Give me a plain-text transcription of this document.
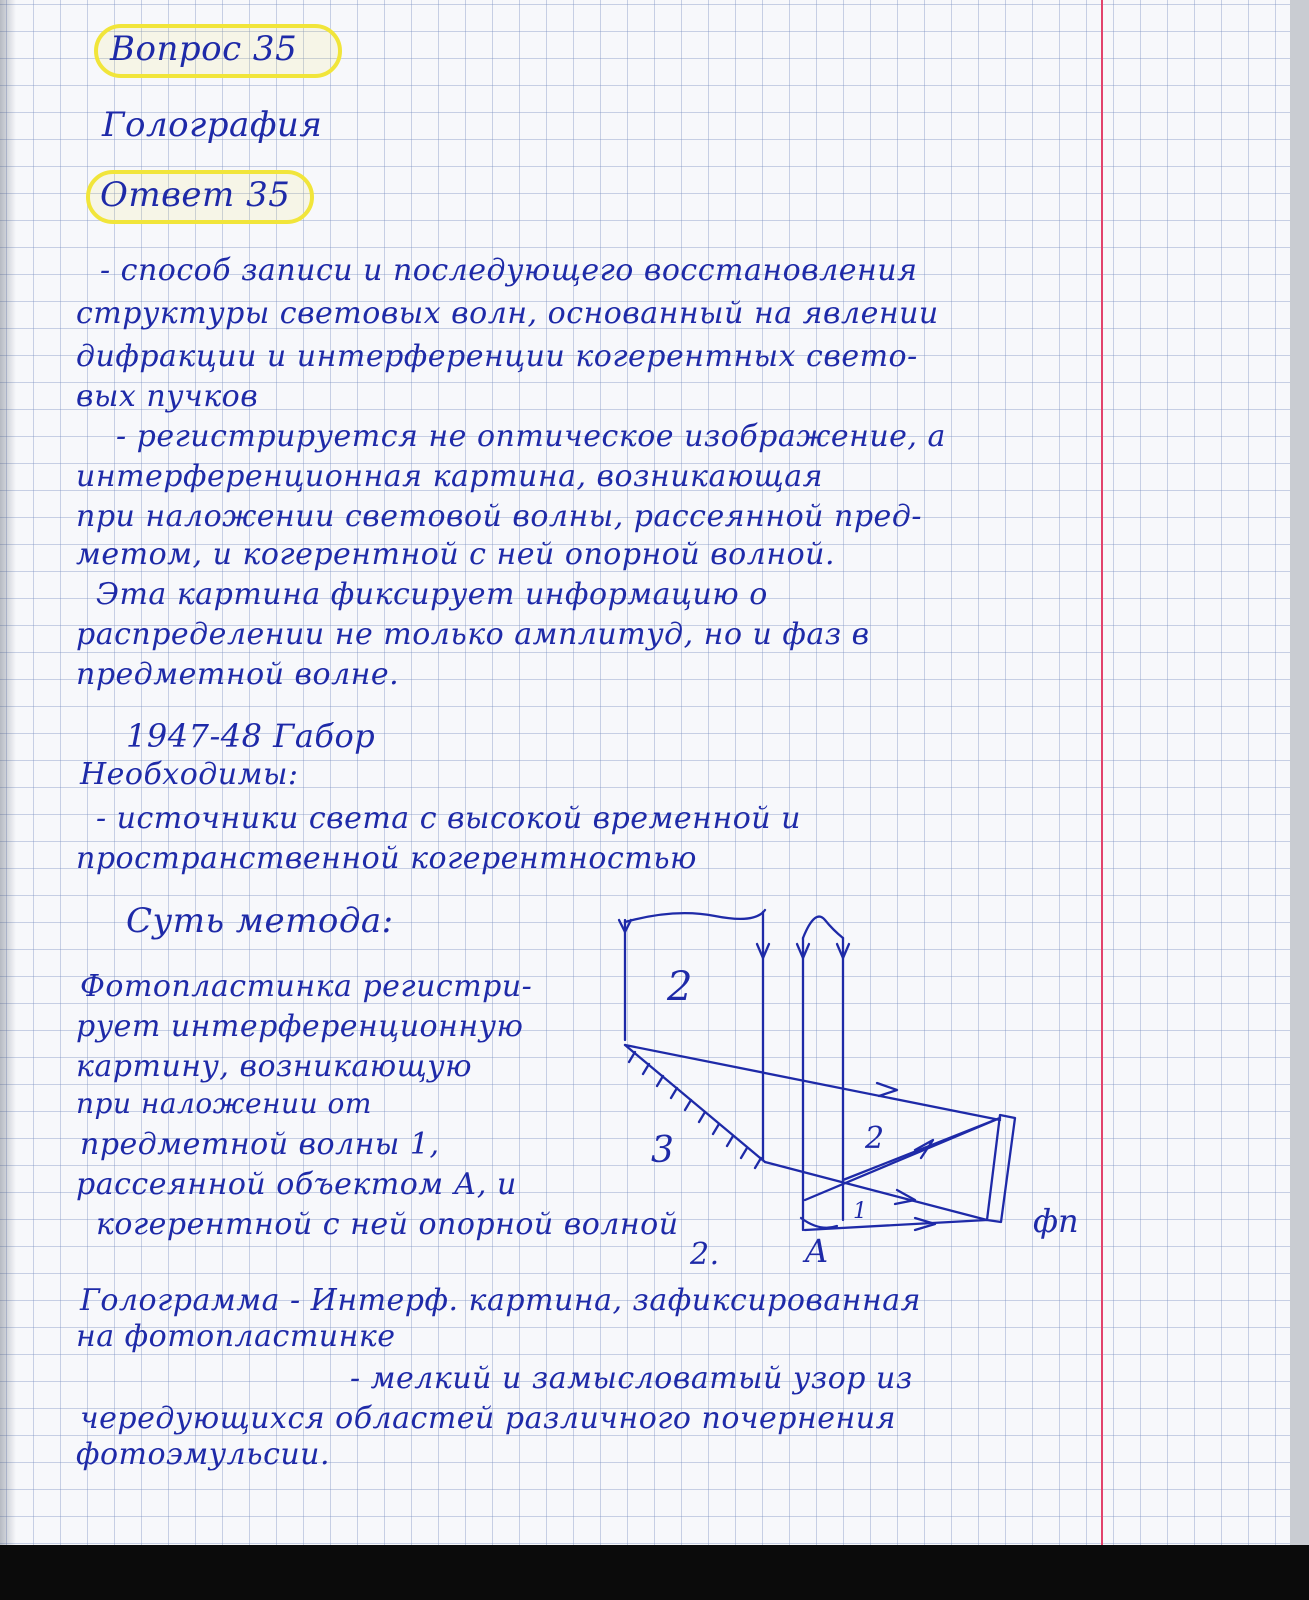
Вопрос 35
Голография
Ответ 35
- способ записи и последующего восстановления
структуры световых волн, основанный на явлении
дифракции и интерференции когерентных свето-
вых пучков
- регистрируется не оптическое изображение, а
интерференционная картина, возникающая
при наложении световой волны, рассеянной пред-
метом, и когерентной с ней опорной волной.
Эта картина фиксирует информацию о
распределении не только амплитуд, но и фаз в
предметной волне.
1947-48 Габор
Необходимы:
- источники света с высокой временной и
пространственной когерентностью
Суть метода:
Фотопластинка регистри-
рует интерференционную
картину, возникающую
при наложении от
предметной волны 1,
рассеянной объектом А, и
когерентной с ней опорной волной
2.
2
2
1
3
A
фп
Голограмма - Интерф. картина, зафиксированная
на фотопластинке
- мелкий и замысловатый узор из
чередующихся областей различного почернения
фотоэмульсии.
